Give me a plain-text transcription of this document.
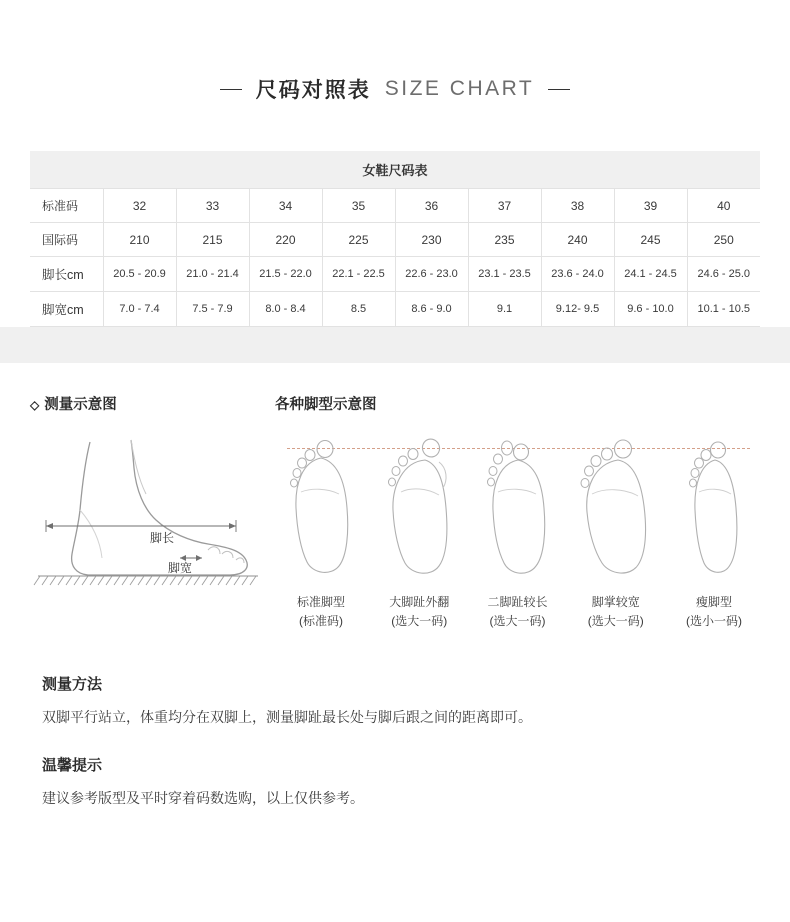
尺码对照表 SIZE CHART
女鞋尺码表									
标准码	32	33	34	35	36	37	38	39	40
国际码	210	215	220	225	230	235	240	245	250
脚长cm	20.5 - 20.9	21.0 - 21.4	21.5 - 22.0	22.1 - 22.5	22.6 - 23.0	23.1 - 23.5	23.6 - 24.0	24.1 - 24.5	24.6 - 25.0
脚宽cm	7.0 - 7.4	7.5 - 7.9	8.0 - 8.4	8.5	8.6 - 9.0	9.1	9.12- 9.5	9.6 - 10.0	10.1 - 10.5
◇ 测量示意图
脚长
脚宽
各种脚型示意图
标准脚型
(标准码)
大脚趾外翻
(选大一码)
二脚趾较长
(选大一码)
脚掌较宽
(选大一码)
瘦脚型
(选小一码)
测量方法
双脚平行站立，体重均分在双脚上，测量脚趾最长处与脚后跟之间的距离即可。
温馨提示
建议参考版型及平时穿着码数选购，以上仅供参考。
